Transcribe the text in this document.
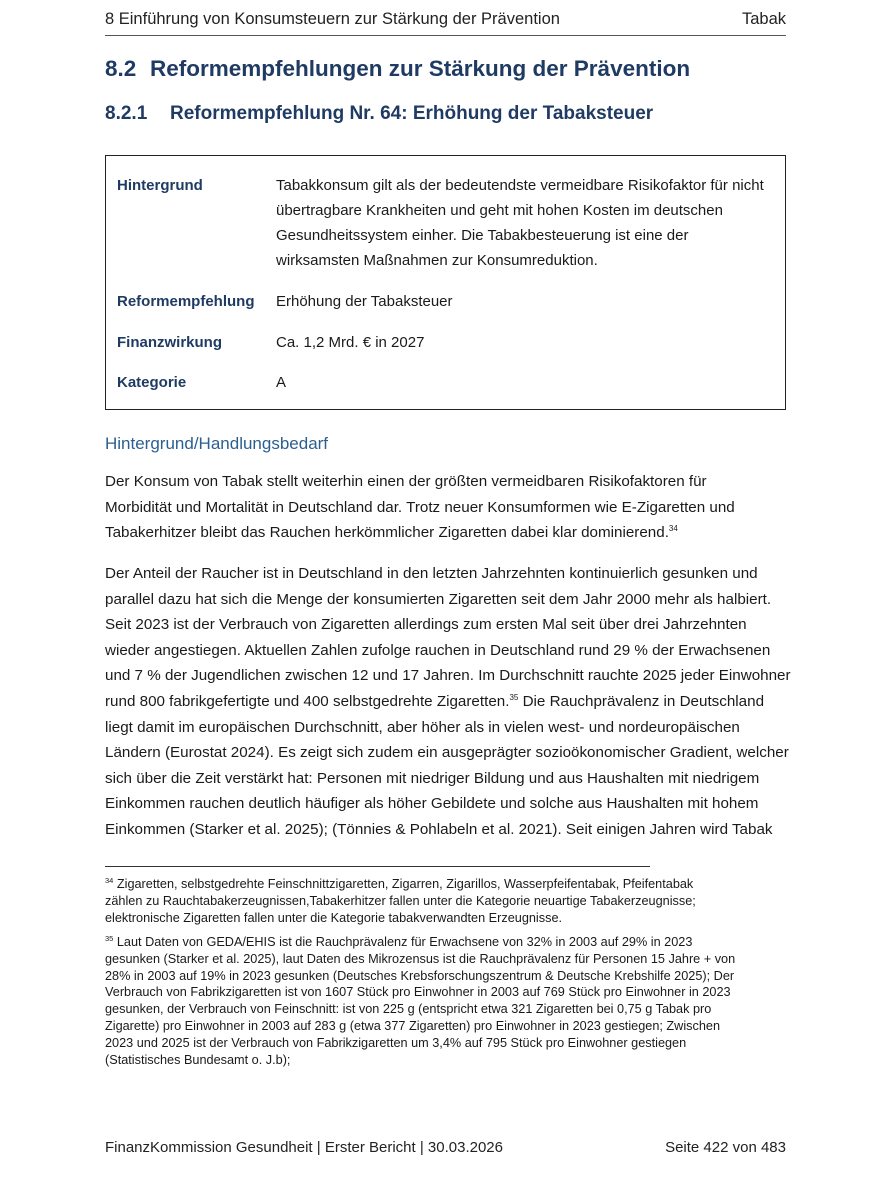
8 Einführung von Konsumsteuern zur Stärkung der Prävention	Tabak
8.2 Reformempfehlungen zur Stärkung der Prävention
8.2.1 Reformempfehlung Nr. 64: Erhöhung der Tabaksteuer
Hintergrund	Tabakkonsum gilt als der bedeutendste vermeidbare Risikofaktor für nicht
übertragbare Krankheiten und geht mit hohen Kosten im deutschen
Gesundheitssystem einher. Die Tabakbesteuerung ist eine der
wirksamsten Maßnahmen zur Konsumreduktion.
Reformempfehlung	Erhöhung der Tabaksteuer
Finanzwirkung	Ca. 1,2 Mrd. € in 2027
Kategorie	A
Hintergrund/Handlungsbedarf
Der Konsum von Tabak stellt weiterhin einen der größten vermeidbaren Risikofaktoren für
Morbidität und Mortalität in Deutschland dar. Trotz neuer Konsumformen wie E-Zigaretten und
Tabakerhitzer bleibt das Rauchen herkömmlicher Zigaretten dabei klar dominierend.$^{34}$
Der Anteil der Raucher ist in Deutschland in den letzten Jahrzehnten kontinuierlich gesunken und
parallel dazu hat sich die Menge der konsumierten Zigaretten seit dem Jahr 2000 mehr als halbiert.
Seit 2023 ist der Verbrauch von Zigaretten allerdings zum ersten Mal seit über drei Jahrzehnten
wieder angestiegen. Aktuellen Zahlen zufolge rauchen in Deutschland rund 29 % der Erwachsenen
und 7 % der Jugendlichen zwischen 12 und 17 Jahren. Im Durchschnitt rauchte 2025 jeder Einwohner
rund 800 fabrikgefertigte und 400 selbstgedrehte Zigaretten.$^{35}$ Die Rauchprävalenz in Deutschland
liegt damit im europäischen Durchschnitt, aber höher als in vielen west- und nordeuropäischen
Ländern (Eurostat 2024). Es zeigt sich zudem ein ausgeprägter sozioökonomischer Gradient, welcher
sich über die Zeit verstärkt hat: Personen mit niedriger Bildung und aus Haushalten mit niedrigem
Einkommen rauchen deutlich häufiger als höher Gebildete und solche aus Haushalten mit hohem
Einkommen (Starker et al. 2025); (Tönnies & Pohlabeln et al. 2021). Seit einigen Jahren wird Tabak
$^{34}$ Zigaretten, selbstgedrehte Feinschnittzigaretten, Zigarren, Zigarillos, Wasserpfeifentabak, Pfeifentabak
zählen zu Rauchtabakerzeugnissen,Tabakerhitzer fallen unter die Kategorie neuartige Tabakerzeugnisse;
elektronische Zigaretten fallen unter die Kategorie tabakverwandten Erzeugnisse.
$^{35}$ Laut Daten von GEDA/EHIS ist die Rauchprävalenz für Erwachsene von 32% in 2003 auf 29% in 2023
gesunken (Starker et al. 2025), laut Daten des Mikrozensus ist die Rauchprävalenz für Personen 15 Jahre + von
28% in 2003 auf 19% in 2023 gesunken (Deutsches Krebsforschungszentrum & Deutsche Krebshilfe 2025); Der
Verbrauch von Fabrikzigaretten ist von 1607 Stück pro Einwohner in 2003 auf 769 Stück pro Einwohner in 2023
gesunken, der Verbrauch von Feinschnitt: ist von 225 g (entspricht etwa 321 Zigaretten bei 0,75 g Tabak pro
Zigarette) pro Einwohner in 2003 auf 283 g (etwa 377 Zigaretten) pro Einwohner in 2023 gestiegen; Zwischen
2023 und 2025 ist der Verbrauch von Fabrikzigaretten um 3,4% auf 795 Stück pro Einwohner gestiegen
(Statistisches Bundesamt o. J.b);
FinanzKommission Gesundheit | Erster Bericht | 30.03.2026	Seite 422 von 483
